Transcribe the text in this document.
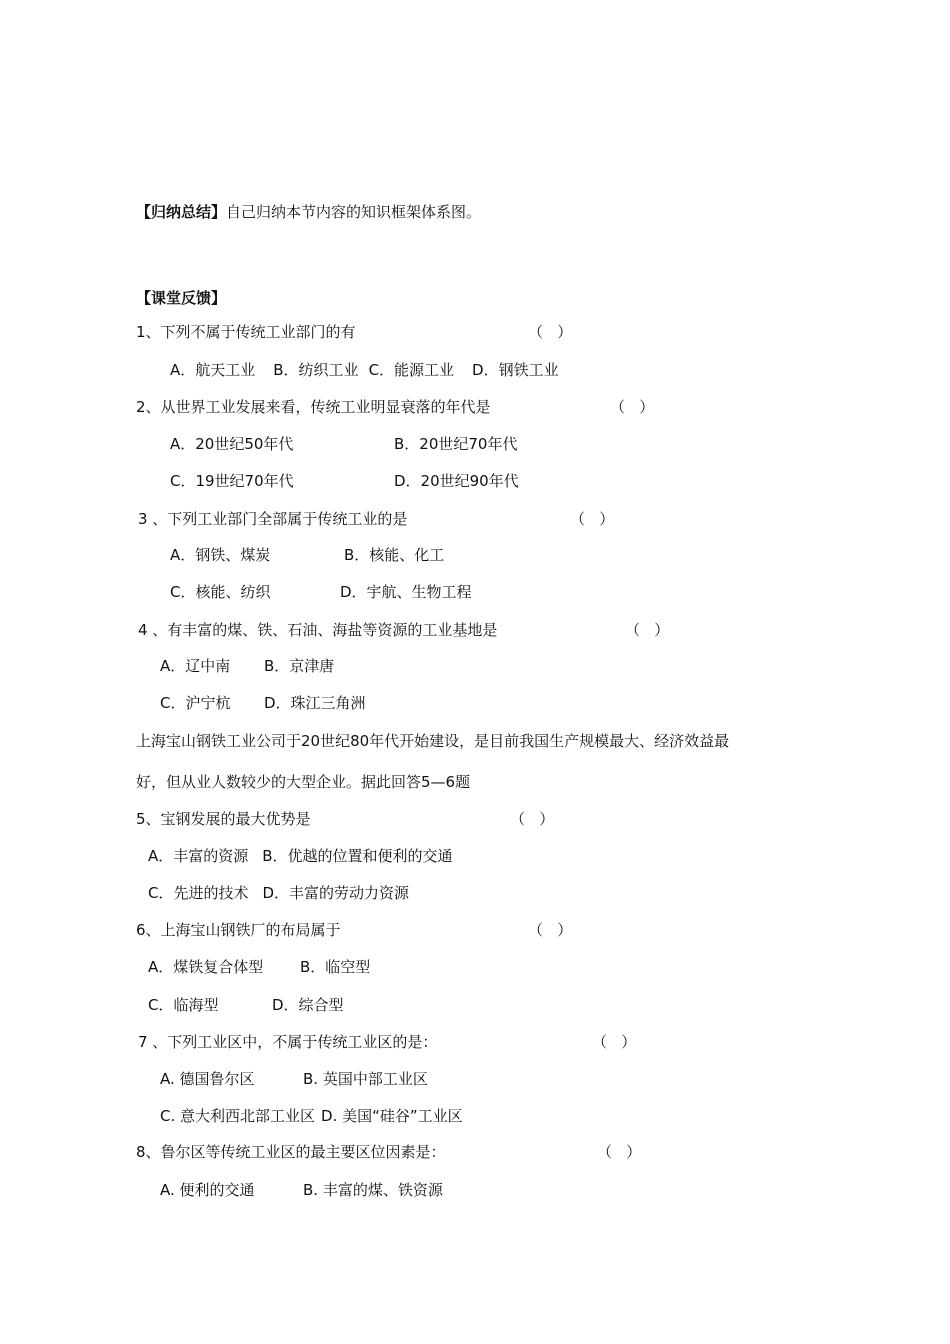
【归纳总结】自己归纳本节内容的知识框架体系图。
【课堂反馈】
1、下列不属于传统工业部门的有	（   ）
A．航天工业 B．纺织工业 C．能源工业 D．钢铁工业
2、从世界工业发展来看，传统工业明显衰落的年代是	（   ）
A．20世纪50年代	B．20世纪70年代
C．19世纪70年代	D．20世纪90年代
3 、下列工业部门全部属于传统工业的是	（   ）
A．钢铁、煤炭	B．核能、化工
C．核能、纺织	D．宇航、生物工程
4 、有丰富的煤、铁、石油、海盐等资源的工业基地是	（   ）
A．辽中南 B．京津唐
C．沪宁杭 D．珠江三角洲
上海宝山钢铁工业公司于20世纪80年代开始建设，是目前我国生产规模最大、经济效益最
好，但从业人数较少的大型企业。据此回答5—6题
5、宝钢发展的最大优势是	（   ）
A．丰富的资源 B．优越的位置和便利的交通
C．先进的技术 D．丰富的劳动力资源
6、上海宝山钢铁厂的布局属于	（   ）
A．煤铁复合体型 B．临空型
C．临海型	D．综合型
7 、下列工业区中，不属于传统工业区的是：	（   ）
A. 德国鲁尔区	B. 英国中部工业区
C. 意大利西北部工业区 D. 美国“硅谷”工业区
8、鲁尔区等传统工业区的最主要区位因素是：	（   ）
A. 便利的交通	B. 丰富的煤、铁资源
